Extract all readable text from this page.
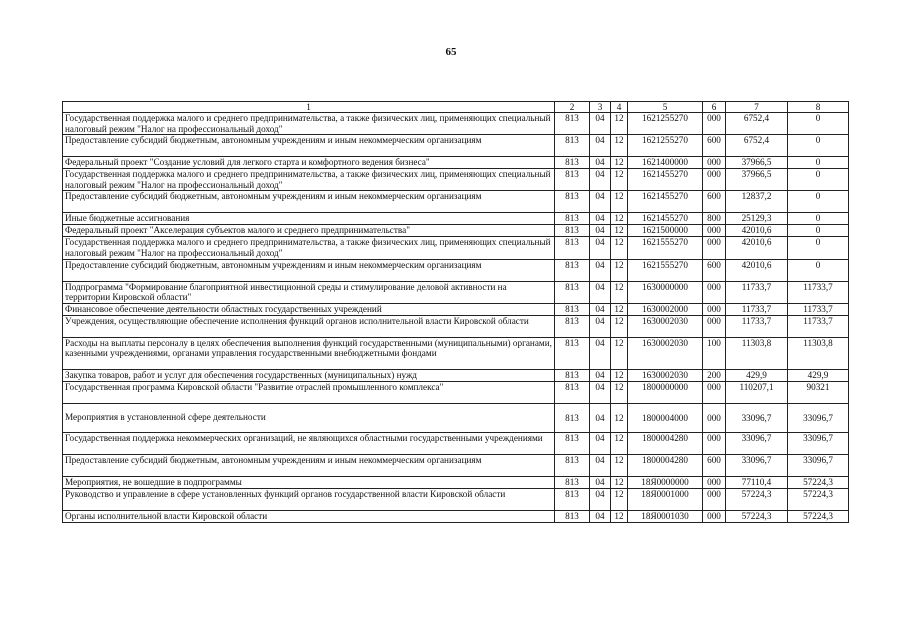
65
1	2	3	4	5	6	7	8
Государственная поддержка малого и среднего предпринимательства, а также физических лиц, применяющих специальный налоговый режим "Налог на профессиональный доход"	813	04	12	1621255270	000	6752,4	0
Предоставление субсидий бюджетным, автономным учреждениям и иным некоммерческим организациям	813	04	12	1621255270	600	6752,4	0
Федеральный проект "Создание условий для легкого старта и комфортного ведения бизнеса"	813	04	12	1621400000	000	37966,5	0
Государственная поддержка малого и среднего предпринимательства, а также физических лиц, применяющих специальный налоговый режим "Налог на профессиональный доход"	813	04	12	1621455270	000	37966,5	0
Предоставление субсидий бюджетным, автономным учреждениям и иным некоммерческим организациям	813	04	12	1621455270	600	12837,2	0
Иные бюджетные ассигнования	813	04	12	1621455270	800	25129,3	0
Федеральный проект "Акселерация субъектов малого и среднего предпринимательства"	813	04	12	1621500000	000	42010,6	0
Государственная поддержка малого и среднего предпринимательства, а также физических лиц, применяющих специальный налоговый режим "Налог на профессиональный доход"	813	04	12	1621555270	000	42010,6	0
Предоставление субсидий бюджетным, автономным учреждениям и иным некоммерческим организациям	813	04	12	1621555270	600	42010,6	0
Подпрограмма "Формирование благоприятной инвестиционной среды и стимулирование деловой активности на территории Кировской области"	813	04	12	1630000000	000	11733,7	11733,7
Финансовое обеспечение деятельности областных государственных учреждений	813	04	12	1630002000	000	11733,7	11733,7
Учреждения, осуществляющие обеспечение исполнения функций органов исполнительной власти Кировской области	813	04	12	1630002030	000	11733,7	11733,7
Расходы на выплаты персоналу в целях обеспечения выполнения функций государственными (муниципальными) органами, казенными учреждениями, органами управления государственными внебюджетными фондами	813	04	12	1630002030	100	11303,8	11303,8
Закупка товаров, работ и услуг для обеспечения государственных (муниципальных) нужд	813	04	12	1630002030	200	429,9	429,9
Государственная программа Кировской области "Развитие отраслей промышленного комплекса"	813	04	12	1800000000	000	110207,1	90321
Мероприятия в установленной сфере деятельности	813	04	12	1800004000	000	33096,7	33096,7
Государственная поддержка некоммерческих организаций, не являющихся областными государственными учреждениями	813	04	12	1800004280	000	33096,7	33096,7
Предоставление субсидий бюджетным, автономным учреждениям и иным некоммерческим организациям	813	04	12	1800004280	600	33096,7	33096,7
Мероприятия, не вошедшие в подпрограммы	813	04	12	18Я0000000	000	77110,4	57224,3
Руководство и управление в сфере установленных функций органов государственной власти Кировской области	813	04	12	18Я0001000	000	57224,3	57224,3
Органы исполнительной власти Кировской области	813	04	12	18Я0001030	000	57224,3	57224,3
